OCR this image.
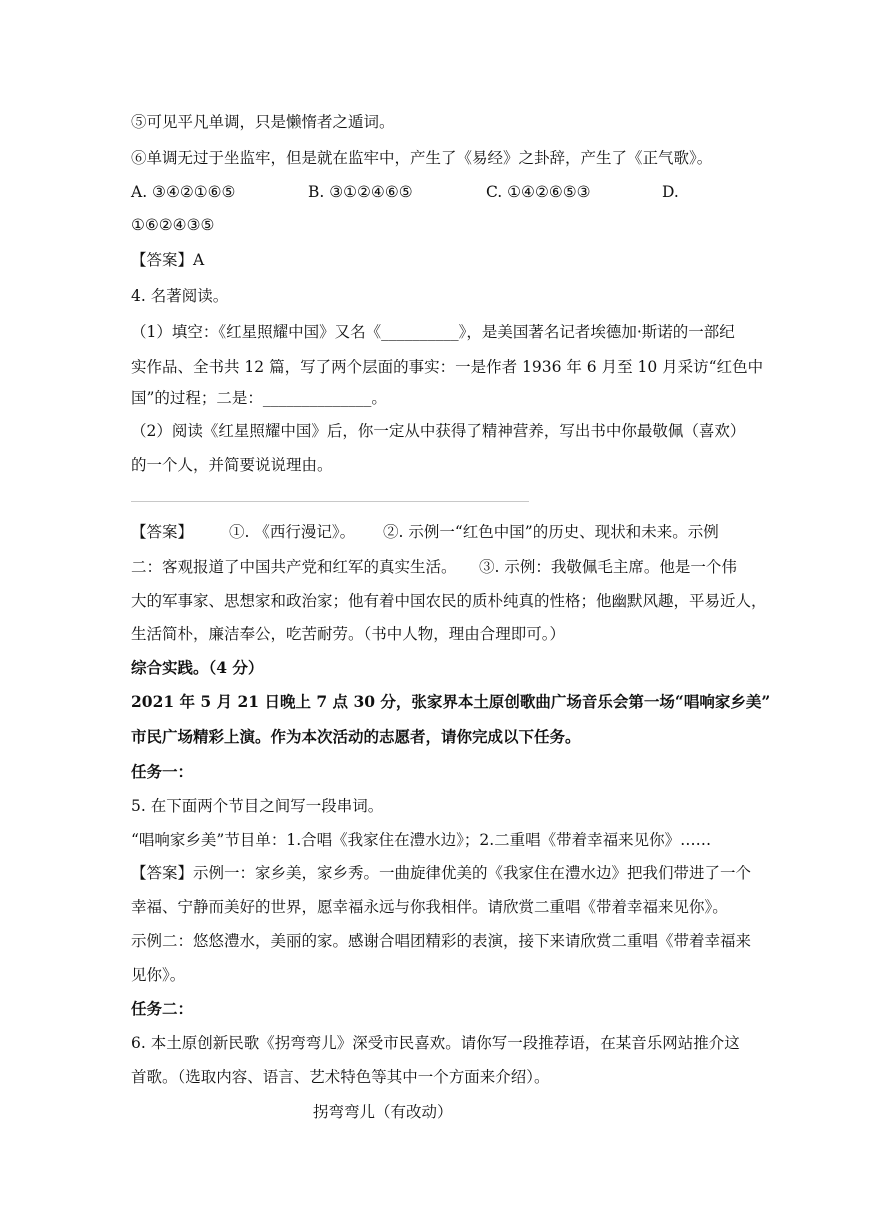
⑤可见平凡单调，只是懒惰者之遁词。
⑥单调无过于坐监牢，但是就在监牢中，产生了《易经》之卦辞，产生了《正气歌》。
A. ③④②①⑥⑤	B. ③①②④⑥⑤	C. ①④②⑥⑤③	D.
①⑥②④③⑤
【答案】A
4. 名著阅读。
（1）填空：《红星照耀中国》又名《__________》，是美国著名记者埃德加·斯诺的一部纪
实作品、全书共 12 篇，写了两个层面的事实：一是作者 1936 年 6 月至 10 月采访“红色中
国”的过程；二是：______________。
（2）阅读《红星照耀中国》后，你一定从中获得了精神营养，写出书中你最敬佩（喜欢）
的一个人，并简要说说理由。
【答案】 ①. 《西行漫记》。 ②. 示例一“红色中国”的历史、现状和未来。示例
二：客观报道了中国共产党和红军的真实生活。 ③. 示例：我敬佩毛主席。他是一个伟
大的军事家、思想家和政治家；他有着中国农民的质朴纯真的性格；他幽默风趣，平易近人，
生活简朴，廉洁奉公，吃苦耐劳。（书中人物，理由合理即可。）
综合实践。（4 分）
2021 年 5 月 21 日晚上 7 点 30 分，张家界本土原创歌曲广场音乐会第一场“唱响家乡美”
市民广场精彩上演。作为本次活动的志愿者，请你完成以下任务。
任务一：
5. 在下面两个节目之间写一段串词。
“唱响家乡美”节目单：1.合唱《我家住在澧水边》；2.二重唱《带着幸福来见你》……
【答案】示例一：家乡美，家乡秀。一曲旋律优美的《我家住在澧水边》把我们带进了一个
幸福、宁静而美好的世界，愿幸福永远与你我相伴。请欣赏二重唱《带着幸福来见你》。
示例二：悠悠澧水，美丽的家。感谢合唱团精彩的表演，接下来请欣赏二重唱《带着幸福来
见你》。
任务二：
6. 本土原创新民歌《拐弯弯儿》深受市民喜欢。请你写一段推荐语，在某音乐网站推介这
首歌。（选取内容、语言、艺术特色等其中一个方面来介绍）。
拐弯弯儿（有改动）
